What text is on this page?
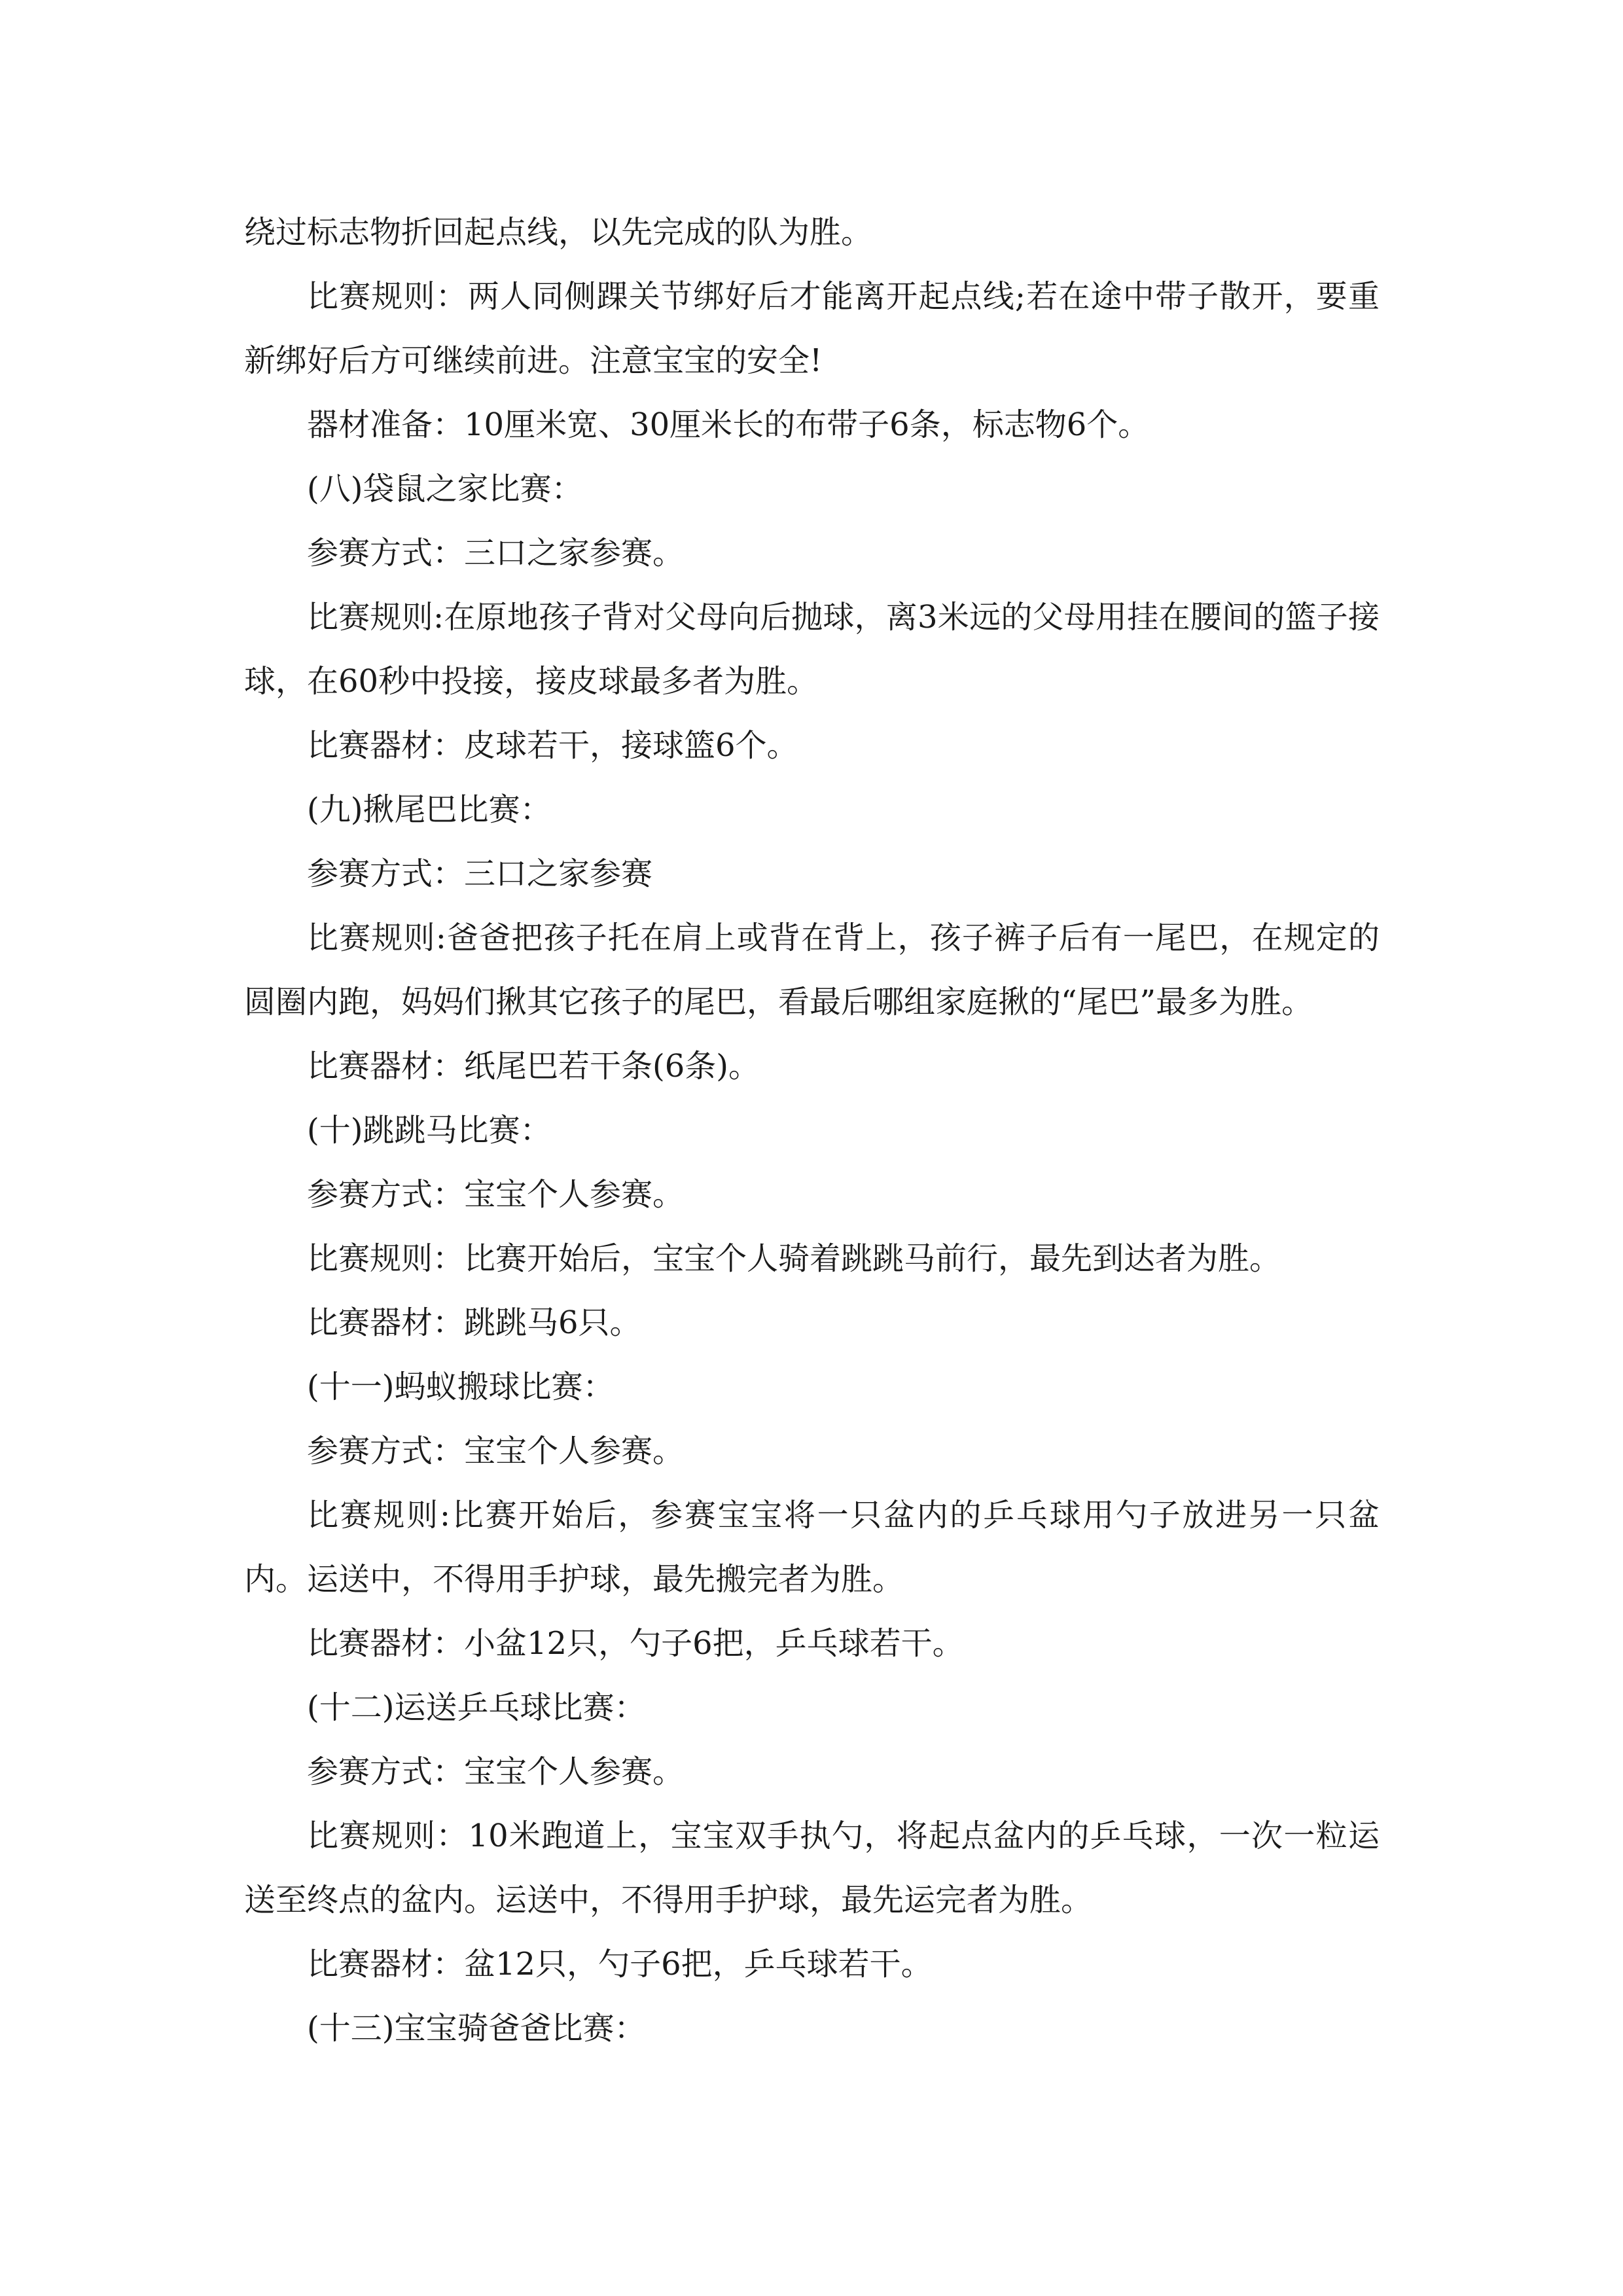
绕过标志物折回起点线，以先完成的队为胜。

比赛规则：两人同侧踝关节绑好后才能离开起点线;若在途中带子散开，要重新绑好后方可继续前进。注意宝宝的安全!

器材准备：10厘米宽、30厘米长的布带子6条，标志物6个。

(八)袋鼠之家比赛：

参赛方式：三口之家参赛。

比赛规则:在原地孩子背对父母向后抛球，离3米远的父母用挂在腰间的篮子接球，在60秒中投接，接皮球最多者为胜。

比赛器材：皮球若干，接球篮6个。

(九)揪尾巴比赛：

参赛方式：三口之家参赛

比赛规则:爸爸把孩子托在肩上或背在背上，孩子裤子后有一尾巴，在规定的圆圈内跑，妈妈们揪其它孩子的尾巴，看最后哪组家庭揪的“尾巴”最多为胜。

比赛器材：纸尾巴若干条(6条)。

(十)跳跳马比赛：

参赛方式：宝宝个人参赛。

比赛规则：比赛开始后，宝宝个人骑着跳跳马前行，最先到达者为胜。

比赛器材：跳跳马6只。

(十一)蚂蚁搬球比赛：

参赛方式：宝宝个人参赛。

比赛规则:比赛开始后，参赛宝宝将一只盆内的乒乓球用勺子放进另一只盆内。运送中，不得用手护球，最先搬完者为胜。

比赛器材：小盆12只，勺子6把，乒乓球若干。

(十二)运送乒乓球比赛：

参赛方式：宝宝个人参赛。

比赛规则：10米跑道上，宝宝双手执勺，将起点盆内的乒乓球，一次一粒运送至终点的盆内。运送中，不得用手护球，最先运完者为胜。

比赛器材：盆12只，勺子6把，乒乓球若干。

(十三)宝宝骑爸爸比赛：
